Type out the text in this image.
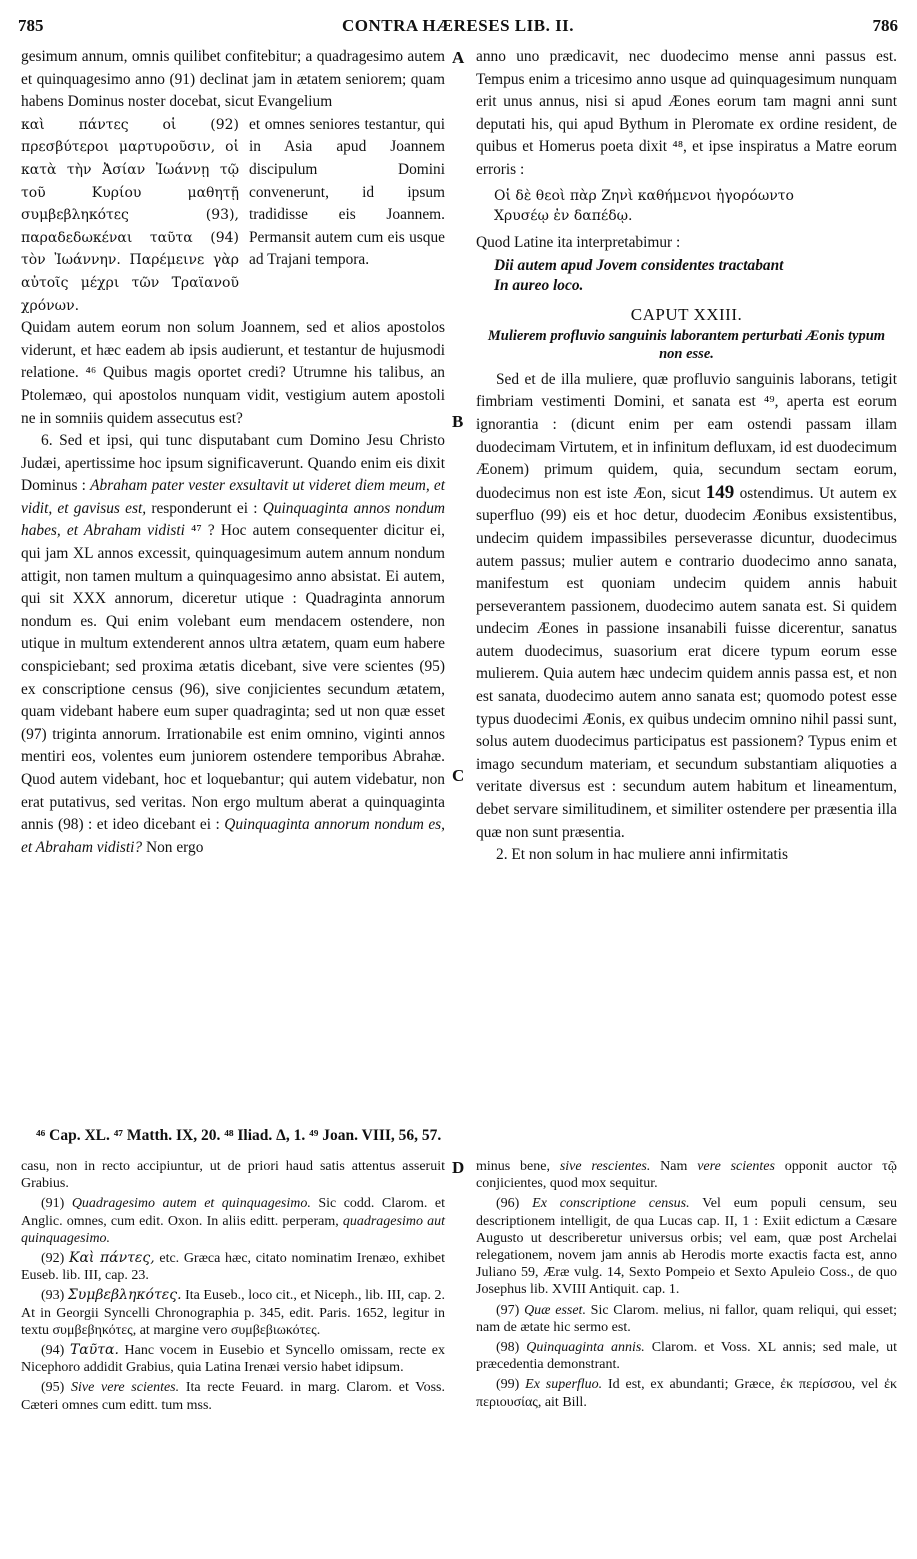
785	CONTRA HÆRESES LIB. II.	786
A
B
C
D

gesimum annum, omnis quilibet confitebitur; a quadragesimo autem et quinquagesimo anno (91) declinat jam in ætatem seniorem; quam habens Dominus noster docebat, sicut Evangelium

καὶ πάντες οἱ (92) πρεσβύτεροι μαρτυροῦσιν, οἱ κατὰ τὴν Ἀσίαν Ἰωάννῃ τῷ τοῦ Κυρίου μαθητῇ συμβεβληκότες (93), παραδεδωκέναι ταῦτα (94) τὸν Ἰωάννην. Παρέμεινε γὰρ αὐτοῖς μέχρι τῶν Τραϊανοῦ χρόνων.
et omnes seniores testantur, qui in Asia apud Joannem discipulum Domini convenerunt, id ipsum tradidisse eis Joannem. Permansit autem cum eis usque ad Trajani tempora.

Quidam autem eorum non solum Joannem, sed et alios apostolos viderunt, et hæc eadem ab ipsis audierunt, et testantur de hujusmodi relatione. ⁴⁶ Quibus magis oportet credi? Utrumne his talibus, an Ptolemæo, qui apostolos nunquam vidit, vestigium autem apostoli ne in somniis quidem assecutus est?

6. Sed et ipsi, qui tunc disputabant cum Domino Jesu Christo Judæi, apertissime hoc ipsum significaverunt. Quando enim eis dixit Dominus : Abraham pater vester exsultavit ut videret diem meum, et vidit, et gavisus est, responderunt ei : Quinquaginta annos nondum habes, et Abraham vidisti ⁴⁷ ? Hoc autem consequenter dicitur ei, qui jam XL annos excessit, quinquagesimum autem annum nondum attigit, non tamen multum a quinquagesimo anno absistat. Ei autem, qui sit XXX annorum, diceretur utique : Quadraginta annorum nondum es. Qui enim volebant eum mendacem ostendere, non utique in multum extenderent annos ultra ætatem, quam eum habere conspiciebant; sed proxima ætatis dicebant, sive vere scientes (95) ex conscriptione census (96), sive conjicientes secundum ætatem, quam videbant habere eum super quadraginta; sed ut non quæ esset (97) triginta annorum. Irrationabile est enim omnino, viginti annos mentiri eos, volentes eum juniorem ostendere temporibus Abrahæ. Quod autem videbant, hoc et loquebantur; qui autem videbatur, non erat putativus, sed veritas. Non ergo multum aberat a quinquaginta annis (98) : et ideo dicebant ei : Quinquaginta annorum nondum es, et Abraham vidisti? Non ergo

anno uno prædicavit, nec duodecimo mense anni passus est. Tempus enim a tricesimo anno usque ad quinquagesimum nunquam erit unus annus, nisi si apud Æones eorum tam magni anni sunt deputati his, qui apud Bythum in Pleromate ex ordine resident, de quibus et Homerus poeta dixit ⁴⁸, et ipse inspiratus a Matre eorum erroris :

Οἱ δὲ θεοὶ πὰρ Ζηνὶ καθήμενοι ἠγορόωντο
Χρυσέῳ ἐν δαπέδῳ.

Quod Latine ita interpretabimur :

Dii autem apud Jovem considentes tractabant
In aureo loco.
CAPUT XXIII.
Mulierem profluvio sanguinis laborantem perturbati Æonis typum non esse.

Sed et de illa muliere, quæ profluvio sanguinis laborans, tetigit fimbriam vestimenti Domini, et sanata est ⁴⁹, aperta est eorum ignorantia : (dicunt enim per eam ostendi passam illam duodecimam Virtutem, et in infinitum defluxam, id est duodecimum Æonem) primum quidem, quia, secundum sectam eorum, duodecimus non est iste Æon, sicut 149 ostendimus. Ut autem ex superfluo (99) eis et hoc detur, duodecim Æonibus exsistentibus, undecim quidem impassibiles perseverasse dicuntur, duodecimus autem passus; mulier autem e contrario duodecimo anno sanata, manifestum est quoniam undecim quidem annis habuit perseverantem passionem, duodecimo autem sanata est. Si quidem undecim Æones in passione insanabili fuisse dicerentur, sanatus autem duodecimus, suasorium erat dicere typum eorum esse mulierem. Quia autem hæc undecim quidem annis passa est, et non est sanata, duodecimo autem anno sanata est; quomodo potest esse typus duodecimi Æonis, ex quibus undecim omnino nihil passi sunt, solus autem duodecimus participatus est passionem? Typus enim et imago secundum materiam, et secundum substantiam aliquoties a veritate diversus est : secundum autem habitum et lineamentum, debet servare similitudinem, et similiter ostendere per præsentia illa quæ non sunt præsentia.

2. Et non solum in hac muliere anni infirmitatis

⁴⁶ Cap. XL. ⁴⁷ Matth. IX, 20. ⁴⁸ Iliad. Δ, 1. ⁴⁹ Joan. VIII, 56, 57.

casu, non in recto accipiuntur, ut de priori haud satis attentus asseruit Grabius.

(91) Quadragesimo autem et quinquagesimo. Sic codd. Clarom. et Anglic. omnes, cum edit. Oxon. In aliis editt. perperam, quadragesimo aut quinquagesimo.

(92) Καὶ πάντες, etc. Græca hæc, citato nominatim Irenæo, exhibet Euseb. lib. III, cap. 23.

(93) Συμβεβληκότες. Ita Euseb., loco cit., et Niceph., lib. III, cap. 2. At in Georgii Syncelli Chronographia p. 345, edit. Paris. 1652, legitur in textu συμβεβηκότες, at margine vero συμβεβιωκότες.

(94) Ταῦτα. Hanc vocem in Eusebio et Syncello omissam, recte ex Nicephoro addidit Grabius, quia Latina Irenæi versio habet idipsum.

(95) Sive vere scientes. Ita recte Feuard. in marg. Clarom. et Voss. Cæteri omnes cum editt. tum mss.

minus bene, sive rescientes. Nam vere scientes opponit auctor τῷ conjicientes, quod mox sequitur.

(96) Ex conscriptione census. Vel eum populi censum, seu descriptionem intelligit, de qua Lucas cap. II, 1 : Exiit edictum a Cæsare Augusto ut describeretur universus orbis; vel eam, quæ post Archelai relegationem, novem jam annis ab Herodis morte exactis facta est, anno Juliano 59, Æræ vulg. 14, Sexto Pompeio et Sexto Apuleio Coss., de quo Josephus lib. XVIII Antiquit. cap. 1.

(97) Quæ esset. Sic Clarom. melius, ni fallor, quam reliqui, qui esset; nam de ætate hic sermo est.

(98) Quinquaginta annis. Clarom. et Voss. XL annis; sed male, ut præcedentia demonstrant.

(99) Ex superfluo. Id est, ex abundanti; Græce, ἐκ περίσσου, vel ἐκ περιουσίας, ait Bill.
